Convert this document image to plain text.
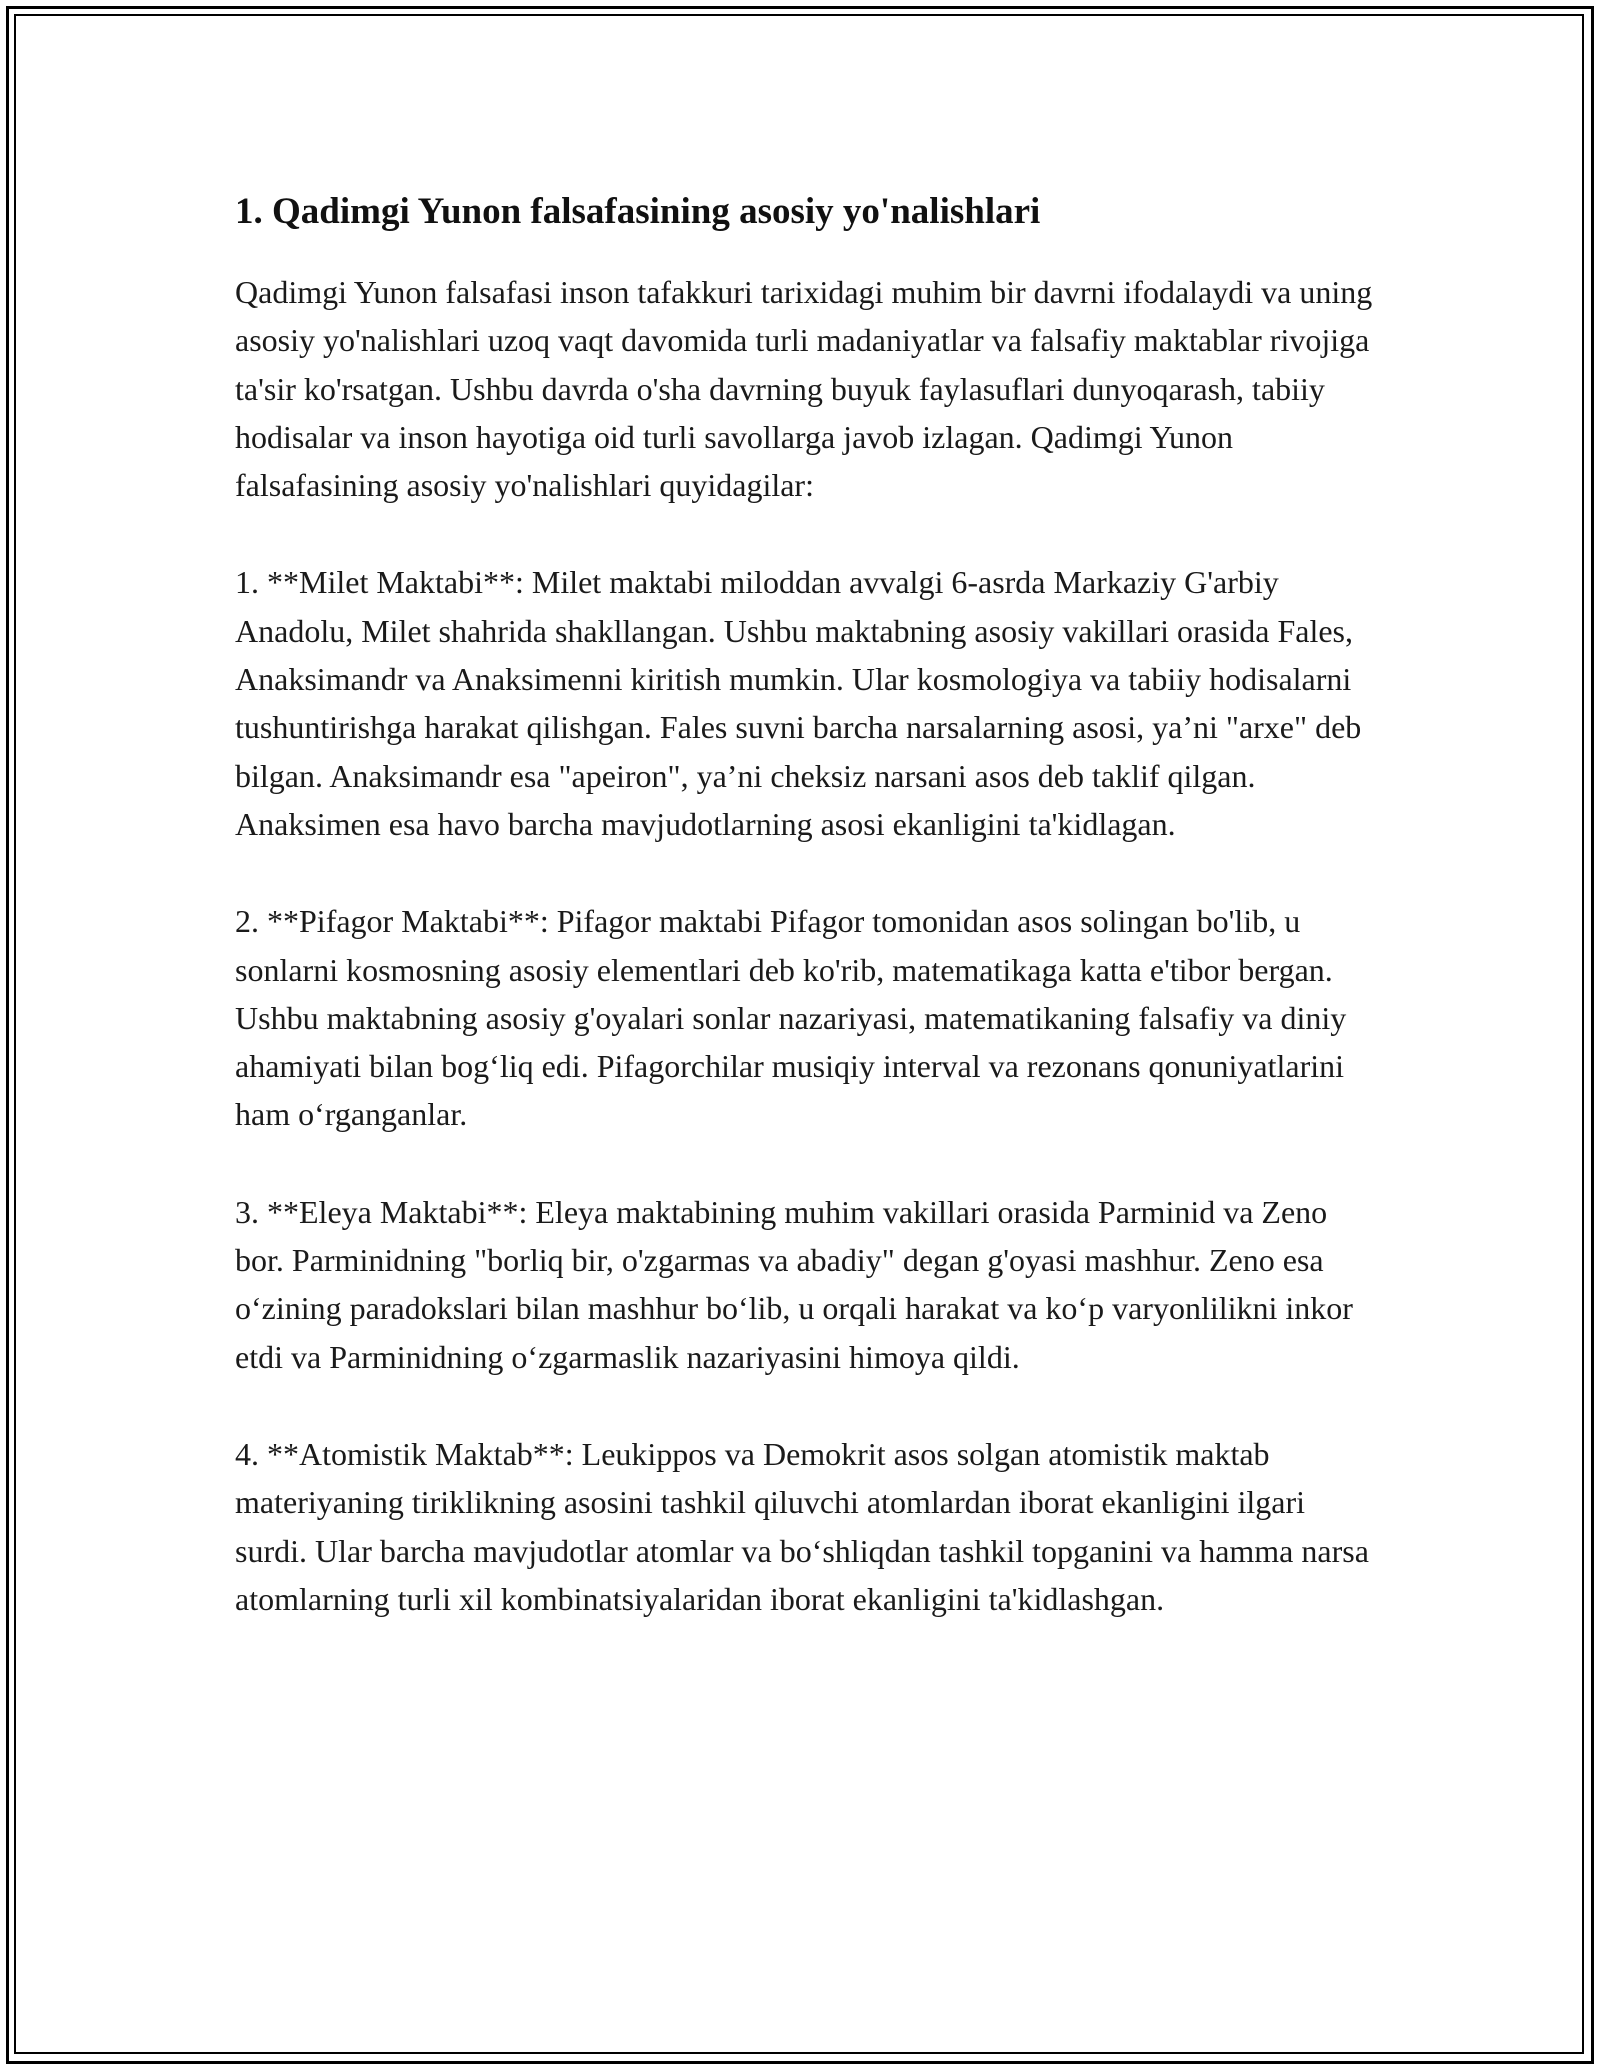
1. Qadimgi Yunon falsafasining asosiy yo'nalishlari

Qadimgi Yunon falsafasi inson tafakkuri tarixidagi muhim bir davrni ifodalaydi va uning asosiy yo'nalishlari uzoq vaqt davomida turli madaniyatlar va falsafiy maktablar rivojiga ta'sir ko'rsatgan. Ushbu davrda o'sha davrning buyuk faylasuflari dunyoqarash, tabiiy hodisalar va inson hayotiga oid turli savollarga javob izlagan. Qadimgi Yunon falsafasining asosiy yo'nalishlari quyidagilar:

1. **Milet Maktabi**: Milet maktabi miloddan avvalgi 6-asrda Markaziy G'arbiy Anadolu, Milet shahrida shakllangan. Ushbu maktabning asosiy vakillari orasida Fales, Anaksimandr va Anaksimenni kiritish mumkin. Ular kosmologiya va tabiiy hodisalarni tushuntirishga harakat qilishgan. Fales suvni barcha narsalarning asosi, ya’ni "arxe" deb bilgan. Anaksimandr esa "apeiron", ya’ni cheksiz narsani asos deb taklif qilgan. Anaksimen esa havo barcha mavjudotlarning asosi ekanligini ta'kidlagan.

2. **Pifagor Maktabi**: Pifagor maktabi Pifagor tomonidan asos solingan bo'lib, u sonlarni kosmosning asosiy elementlari deb ko'rib, matematikaga katta e'tibor bergan. Ushbu maktabning asosiy g'oyalari sonlar nazariyasi, matematikaning falsafiy va diniy ahamiyati bilan bog‘liq edi. Pifagorchilar musiqiy interval va rezonans qonuniyatlarini ham o‘rganganlar.

3. **Eleya Maktabi**: Eleya maktabining muhim vakillari orasida Parminid va Zeno bor. Parminidning "borliq bir, o'zgarmas va abadiy" degan g'oyasi mashhur. Zeno esa o‘zining paradokslari bilan mashhur bo‘lib, u orqali harakat va ko‘p varyonlilikni inkor etdi va Parminidning o‘zgarmaslik nazariyasini himoya qildi.

4. **Atomistik Maktab**: Leukippos va Demokrit asos solgan atomistik maktab materiyaning tiriklikning asosini tashkil qiluvchi atomlardan iborat ekanligini ilgari surdi. Ular barcha mavjudotlar atomlar va bo‘shliqdan tashkil topganini va hamma narsa atomlarning turli xil kombinatsiyalaridan iborat ekanligini ta'kidlashgan.
